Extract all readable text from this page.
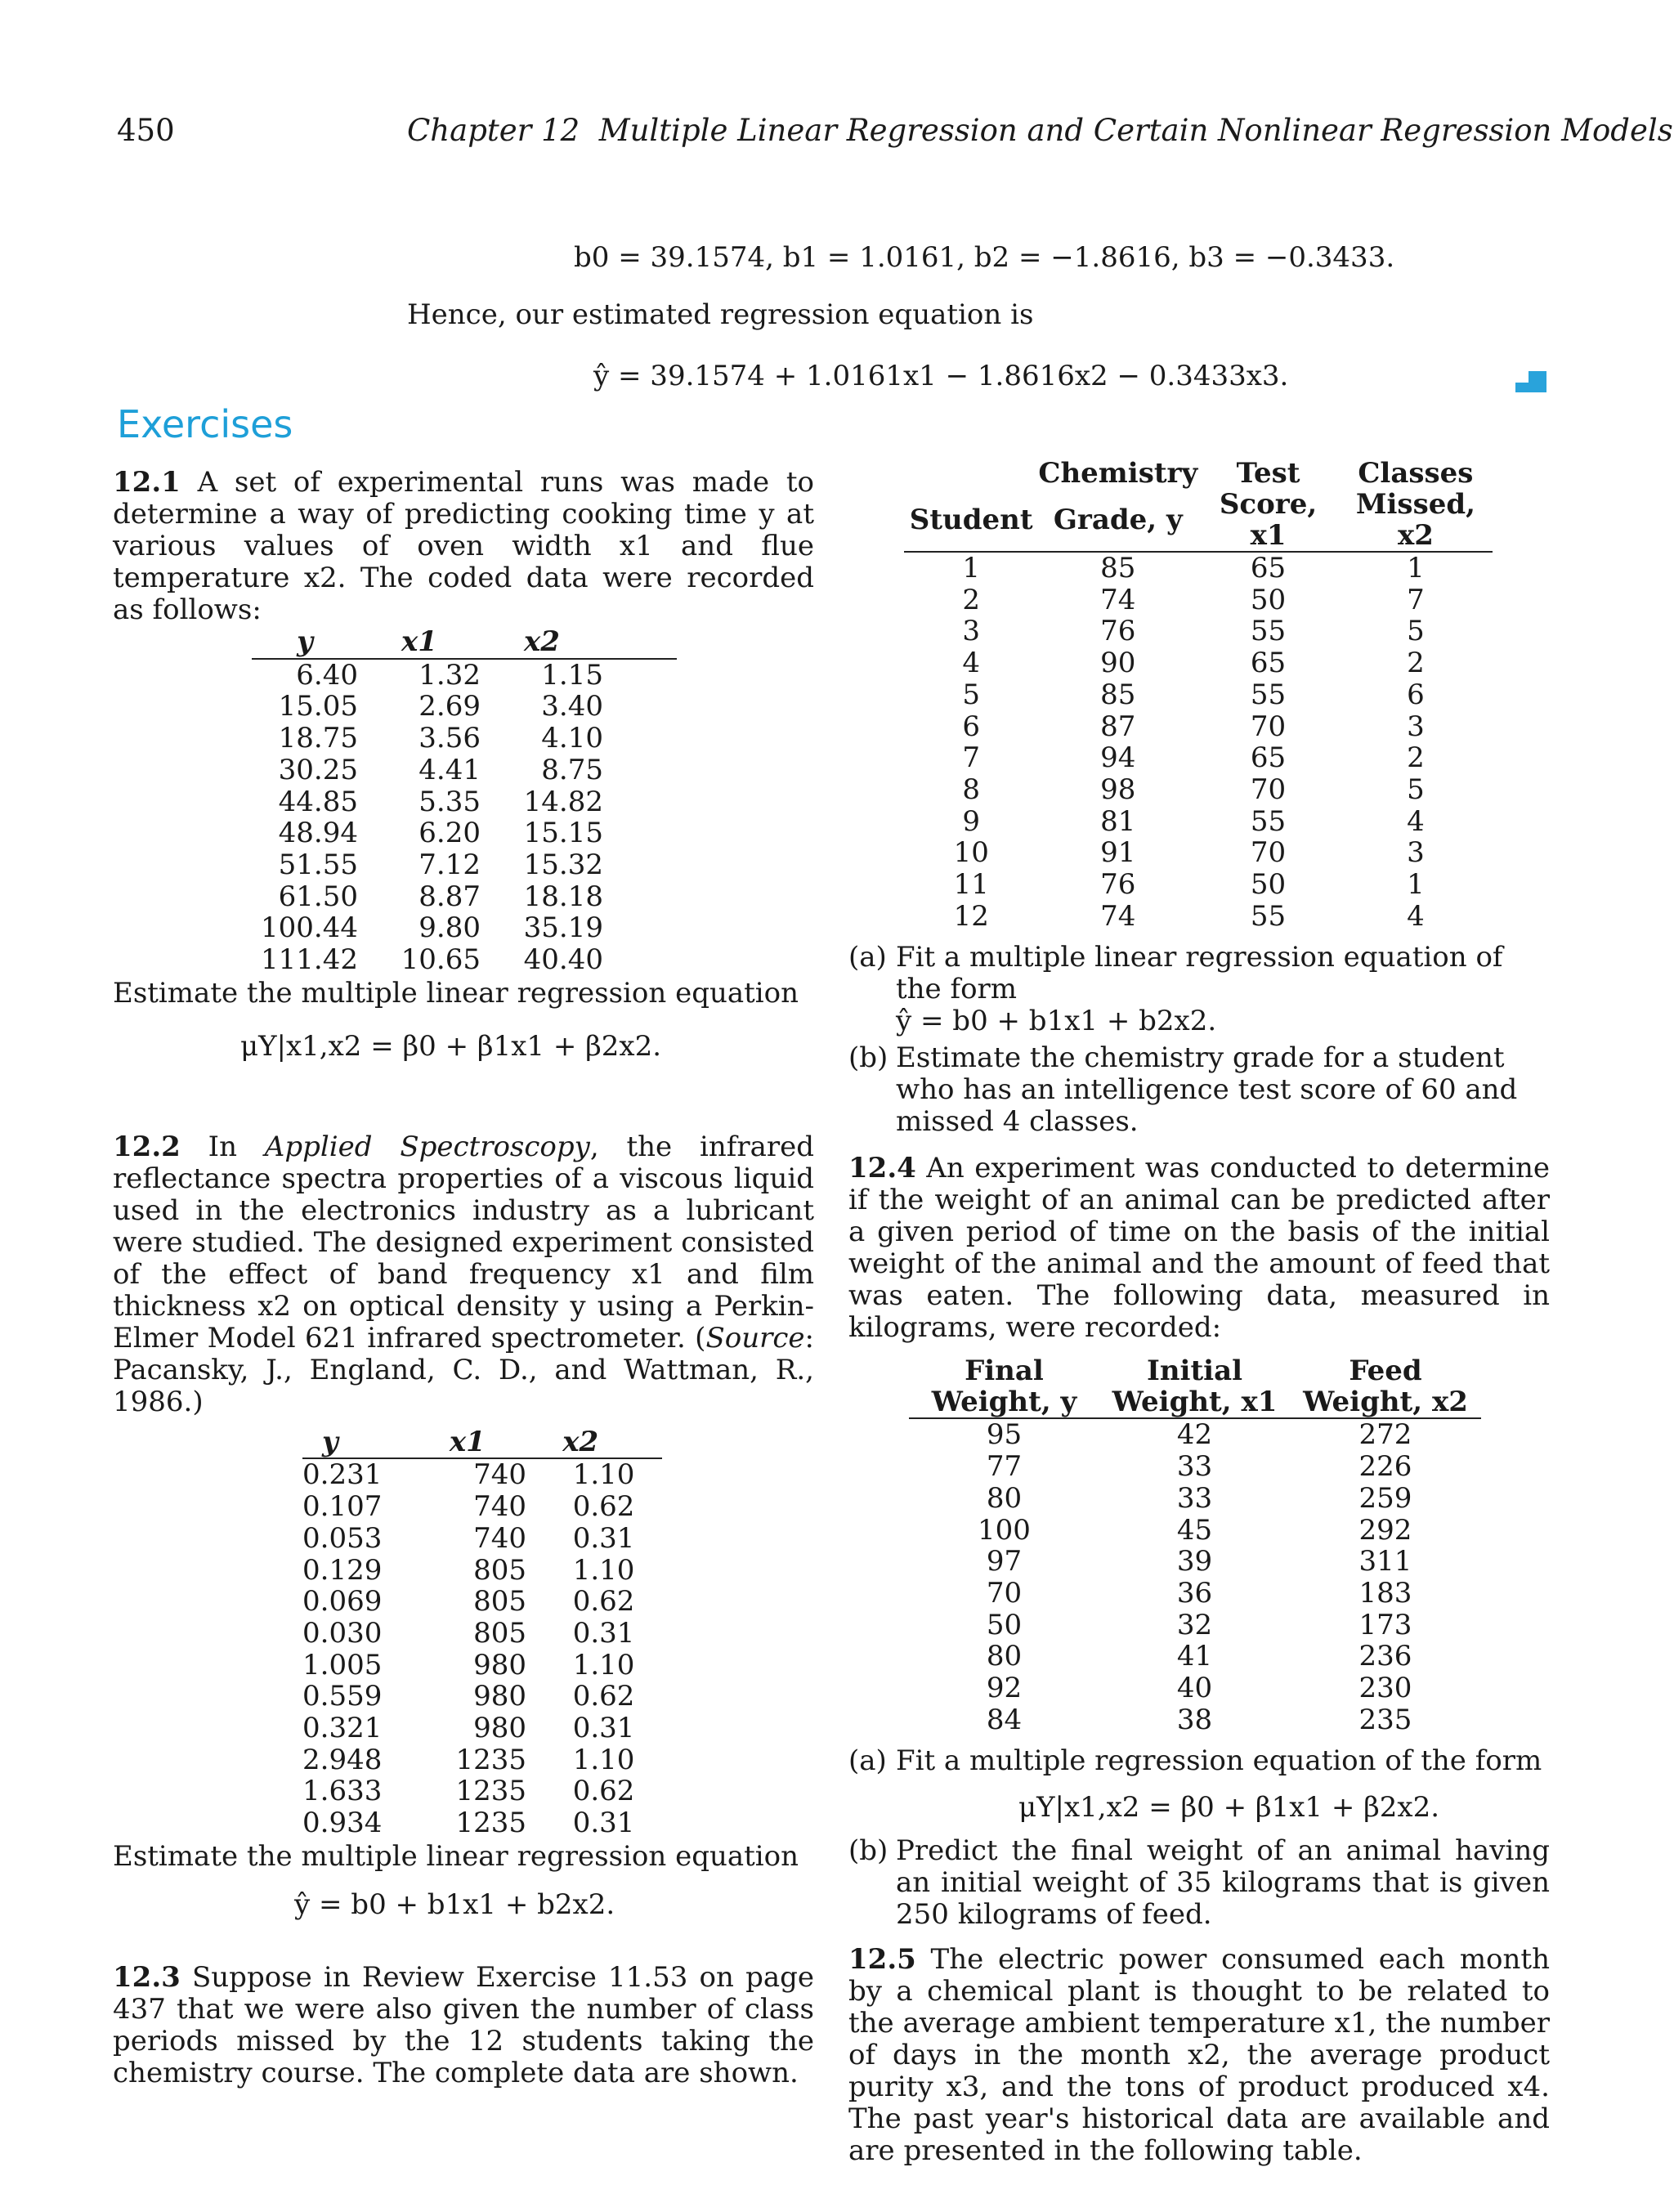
450	Chapter 12  Multiple Linear Regression and Certain Nonlinear Regression Models
b0 = 39.1574, b1 = 1.0161, b2 = −1.8616, b3 = −0.3433.
Hence, our estimated regression equation is
ŷ = 39.1574 + 1.0161x1 − 1.8616x2 − 0.3433x3.
Exercises

12.1 A set of experimental runs was made to determine a way of predicting cooking time y at various values of oven width x1 and flue temperature x2. The coded data were recorded as follows:

y	x1	x2	
6.40	1.32	1.15	
15.05	2.69	3.40	
18.75	3.56	4.10	
30.25	4.41	8.75	
44.85	5.35	14.82	
48.94	6.20	15.15	
51.55	7.12	15.32	
61.50	8.87	18.18	
100.44	9.80	35.19	
111.42	10.65	40.40	

Estimate the multiple linear regression equation

μY|x1,x2 = β0 + β1x1 + β2x2.

12.2 In Applied Spectroscopy, the infrared reflectance spectra properties of a viscous liquid used in the electronics industry as a lubricant were studied. The designed experiment consisted of the effect of band frequency x1 and film thickness x2 on optical density y using a Perkin-Elmer Model 621 infrared spectrometer. (Source: Pacansky, J., England, C. D., and Wattman, R., 1986.)

y	x1	x2	
0.231	740	1.10	
0.107	740	0.62	
0.053	740	0.31	
0.129	805	1.10	
0.069	805	0.62	
0.030	805	0.31	
1.005	980	1.10	
0.559	980	0.62	
0.321	980	0.31	
2.948	1235	1.10	
1.633	1235	0.62	
0.934	1235	0.31	

Estimate the multiple linear regression equation

ŷ = b0 + b1x1 + b2x2.

12.3 Suppose in Review Exercise 11.53 on page 437 that we were also given the number of class periods missed by the 12 students taking the chemistry course. The complete data are shown.

	Chemistry	Test	Classes
Student	Grade, y	Score, x1	Missed, x2
1	85	65	1
2	74	50	7
3	76	55	5
4	90	65	2
5	85	55	6
6	87	70	3
7	94	65	2
8	98	70	5
9	81	55	4
10	91	70	3
11	76	50	1
12	74	55	4
(a) Fit a multiple linear regression equation of the form
ŷ = b0 + b1x1 + b2x2.
(b) Estimate the chemistry grade for a student who has an intelligence test score of 60 and missed 4 classes.

12.4 An experiment was conducted to determine if the weight of an animal can be predicted after a given period of time on the basis of the initial weight of the animal and the amount of feed that was eaten. The following data, measured in kilograms, were recorded:

Final	Initial	Feed
Weight, y	Weight, x1	Weight, x2
95	42	272
77	33	226
80	33	259
100	45	292
97	39	311
70	36	183
50	32	173
80	41	236
92	40	230
84	38	235
(a) Fit a multiple regression equation of the form
μY|x1,x2 = β0 + β1x1 + β2x2.
(b) Predict the final weight of an animal having an initial weight of 35 kilograms that is given 250 kilograms of feed.

12.5 The electric power consumed each month by a chemical plant is thought to be related to the average ambient temperature x1, the number of days in the month x2, the average product purity x3, and the tons of product produced x4. The past year's historical data are available and are presented in the following table.
